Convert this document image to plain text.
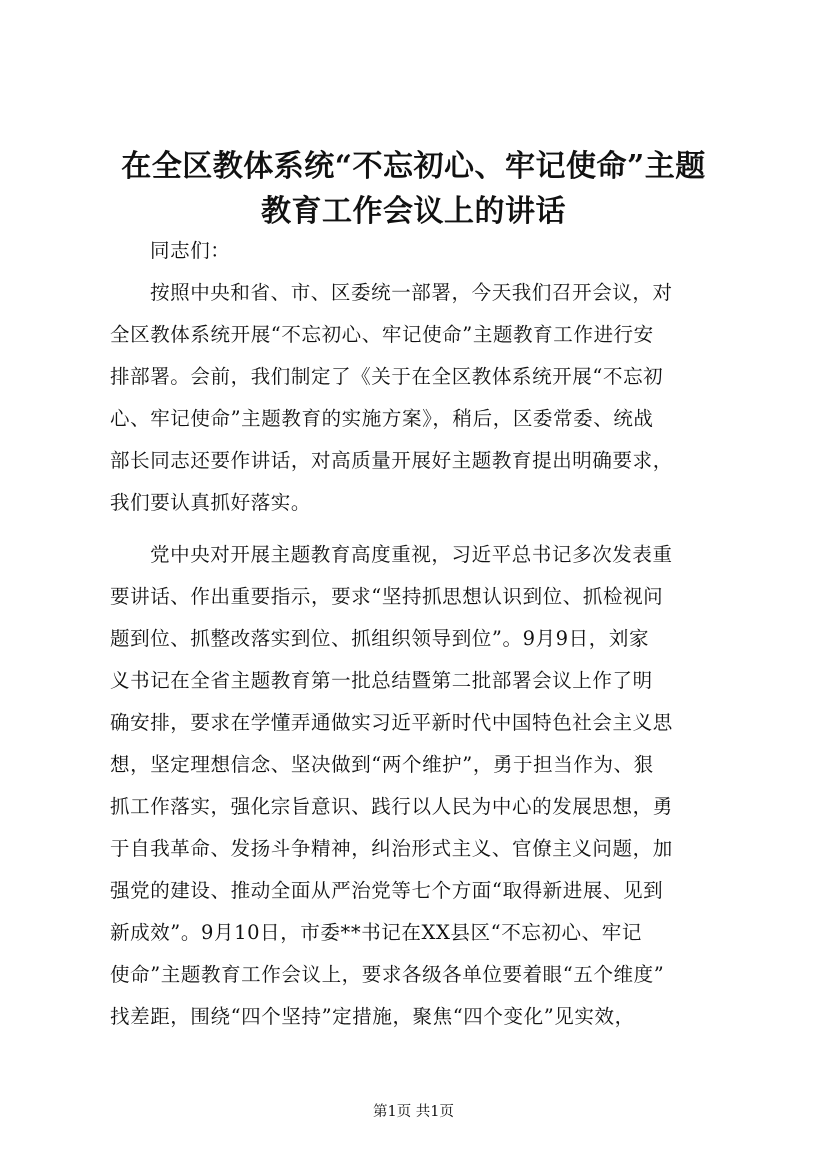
在全区教体系统“不忘初心、牢记使命”主题
教育工作会议上的讲话
同志们：
按照中央和省、市、区委统一部署，今天我们召开会议，对
全区教体系统开展“不忘初心、牢记使命”主题教育工作进行安
排部署。会前，我们制定了《关于在全区教体系统开展“不忘初
心、牢记使命”主题教育的实施方案》，稍后，区委常委、统战
部长同志还要作讲话，对高质量开展好主题教育提出明确要求，
我们要认真抓好落实。
党中央对开展主题教育高度重视，习近平总书记多次发表重
要讲话、作出重要指示，要求“坚持抓思想认识到位、抓检视问
题到位、抓整改落实到位、抓组织领导到位”。9月9日，刘家
义书记在全省主题教育第一批总结暨第二批部署会议上作了明
确安排，要求在学懂弄通做实习近平新时代中国特色社会主义思
想，坚定理想信念、坚决做到“两个维护”，勇于担当作为、狠
抓工作落实，强化宗旨意识、践行以人民为中心的发展思想，勇
于自我革命、发扬斗争精神，纠治形式主义、官僚主义问题，加
强党的建设、推动全面从严治党等七个方面“取得新进展、见到
新成效”。9月10日，市委**书记在XX县区“不忘初心、牢记
使命”主题教育工作会议上，要求各级各单位要着眼“五个维度”
找差距，围绕“四个坚持”定措施，聚焦“四个变化”见实效，
第1页 共1页
